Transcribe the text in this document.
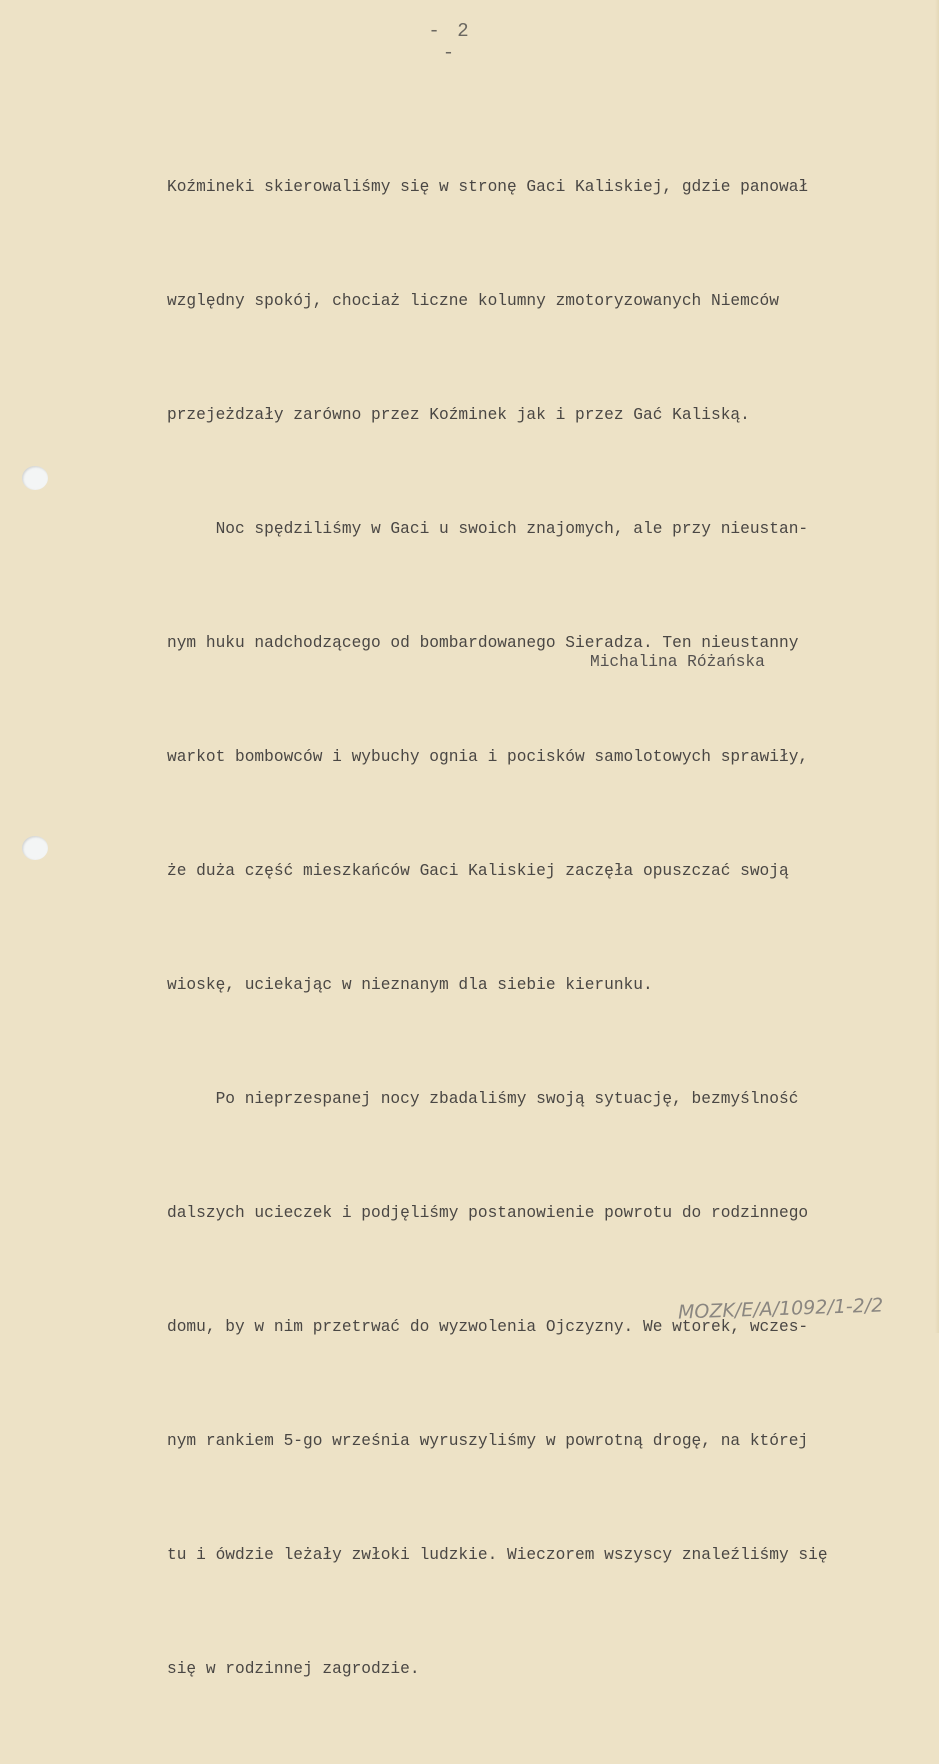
- 2 -

Koźmineki skierowaliśmy się w stronę Gaci Kaliskiej, gdzie panował

względny spokój, chociaż liczne kolumny zmotoryzowanych Niemców

przejeżdzały zarówno przez Koźminek jak i przez Gać Kaliską.

Noc spędziliśmy w Gaci u swoich znajomych, ale przy nieustan-

nym huku nadchodzącego od bombardowanego Sieradza. Ten nieustanny

warkot bombowców i wybuchy ognia i pocisków samolotowych sprawiły,

że duża część mieszkańców Gaci Kaliskiej zaczęła opuszczać swoją

wioskę, uciekając w nieznanym dla siebie kierunku.

Po nieprzespanej nocy zbadaliśmy swoją sytuację, bezmyślność

dalszych ucieczek i podjęliśmy postanowienie powrotu do rodzinnego

domu, by w nim przetrwać do wyzwolenia Ojczyzny. We wtorek, wczes-

nym rankiem 5-go września wyruszyliśmy w powrotną drogę, na której

tu i ówdzie leżały zwłoki ludzkie. Wieczorem wszyscy znaleźliśmy się

się w rodzinnej zagrodzie.

Michalina Różańska
MOZK/E/A/1092/1-2/2
